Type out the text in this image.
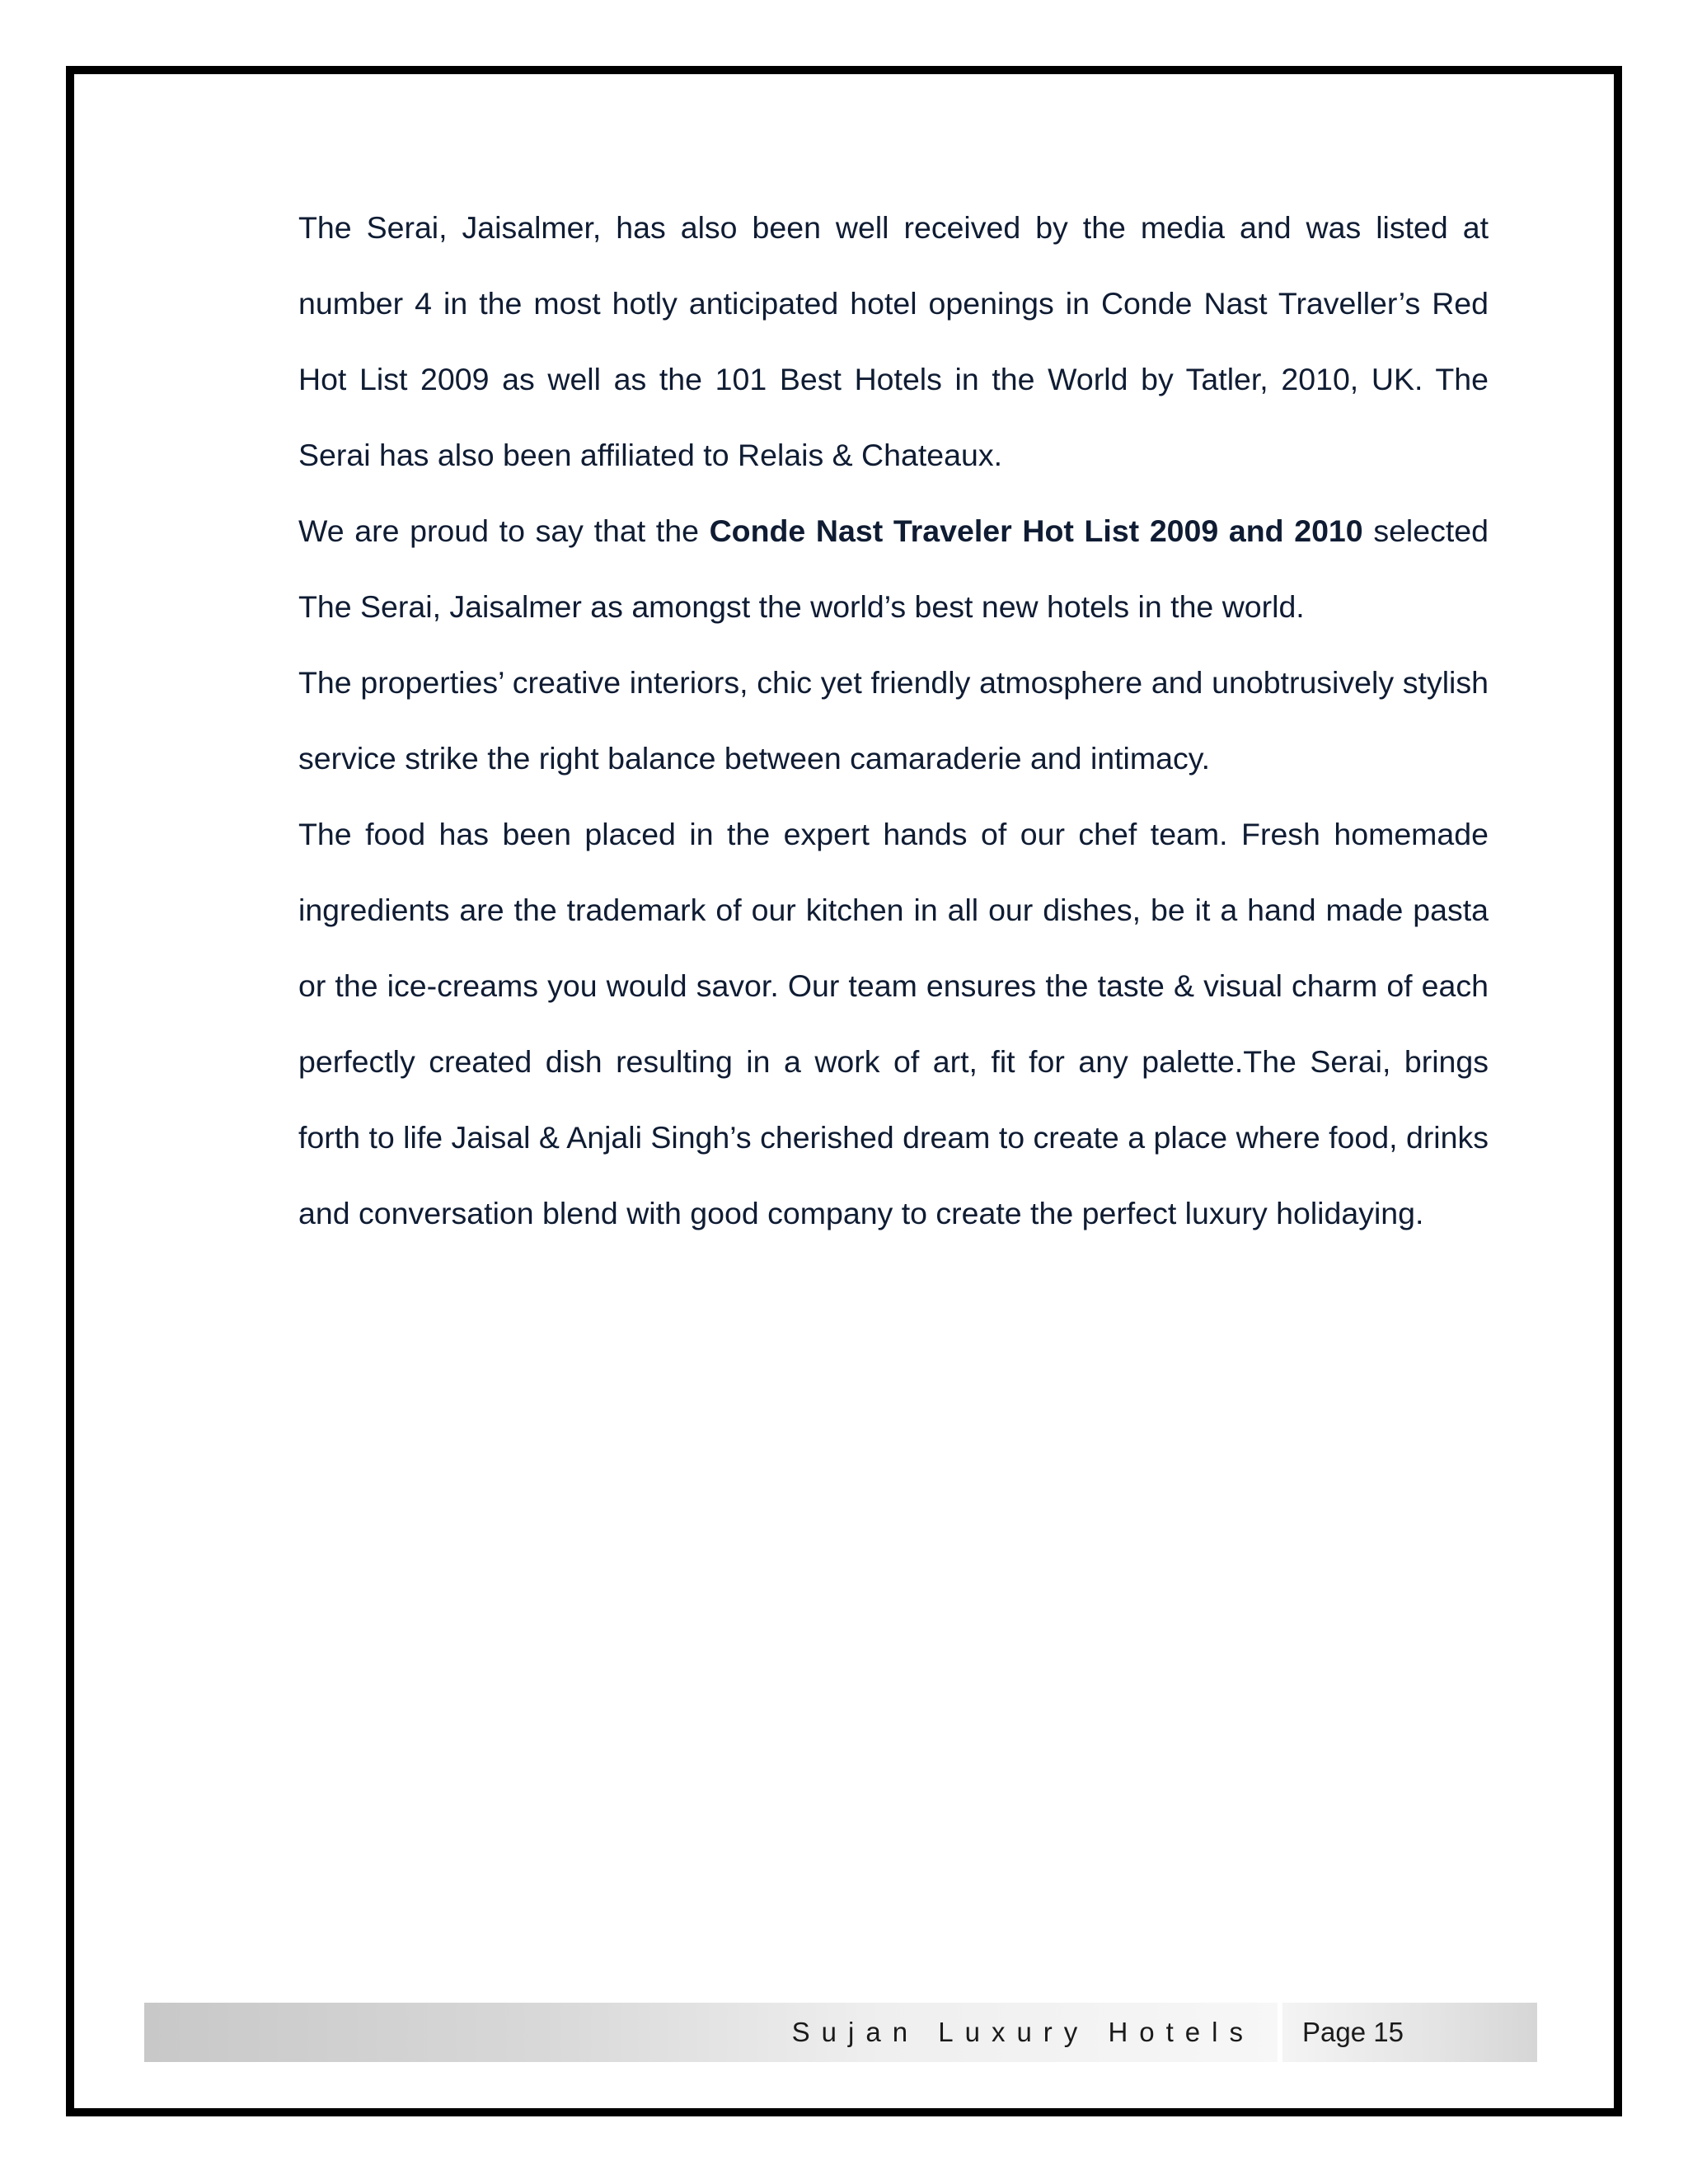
The Serai, Jaisalmer, has also been well received by the media and was listed at number 4 in the most hotly anticipated hotel openings in Conde Nast Traveller’s Red Hot List 2009 as well as the 101 Best Hotels in the World by Tatler, 2010, UK. The Serai has also been affiliated to Relais & Chateaux.

We are proud to say that the Conde Nast Traveler Hot List 2009 and 2010 selected The Serai, Jaisalmer as amongst the world’s best new hotels in the world.

The properties’ creative interiors, chic yet friendly atmosphere and unobtrusively stylish service strike the right balance between camaraderie and intimacy.

The food has been placed in the expert hands of our chef team. Fresh homemade ingredients are the trademark of our kitchen in all our dishes, be it a hand made pasta or the ice-creams you would savor. Our team ensures the taste & visual charm of each perfectly created dish resulting in a work of art, fit for any palette.The Serai, brings forth to life Jaisal & Anjali Singh’s cherished dream to create a place where food, drinks and conversation blend with good company to create the perfect luxury holidaying.

Sujan Luxury Hotels Page 15
